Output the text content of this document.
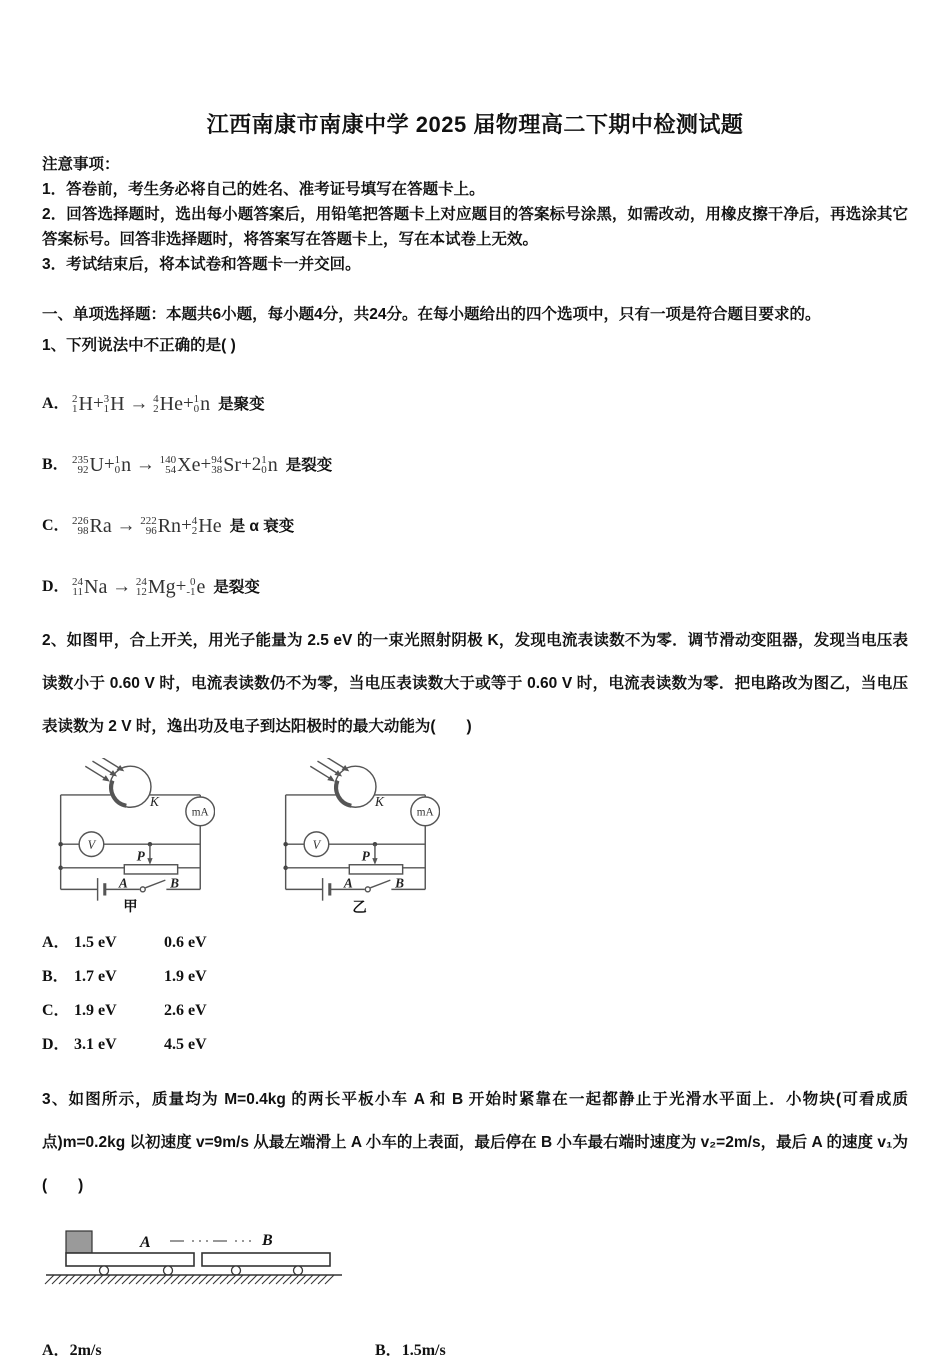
江西南康市南康中学 2025 届物理高二下期中检测试题
注意事项：
1．答卷前，考生务必将自己的姓名、准考证号填写在答题卡上。
2．回答选择题时，选出每小题答案后，用铅笔把答题卡上对应题目的答案标号涂黑，如需改动，用橡皮擦干净后，再选涂其它答案标号。回答非选择题时，将答案写在答题卡上，写在本试卷上无效。
3．考试结束后，将本试卷和答题卡一并交回。
一、单项选择题：本题共6小题，每小题4分，共24分。在每小题给出的四个选项中，只有一项是符合题目要求的。
1、下列说法中不正确的是( )
A． 2
1 H + 3
1 H → 4
2 He + 1
0 n 是聚变
B． 235
92 U + 1
0 n → 140
54 Xe + 94
38 Sr +2 1
0 n 是裂变
C． 226
98 Ra → 222
96 Rn + 4
2 He 是 α 衰变
D． 24
11 Na → 24
12 Mg + 0
-1 e 是裂变
2、如图甲，合上开关，用光子能量为 2.5 eV 的一束光照射阴极 K，发现电流表读数不为零．调节滑动变阻器，发现当电压表读数小于 0.60 V 时，电流表读数仍不为零，当电压表读数大于或等于 0.60 V 时，电流表读数为零．把电路改为图乙，当电压表读数为 2 V 时，逸出功及电子到达阳极时的最大动能为(　　)
mA
K
V
P
A	B
甲
mA
K
V
P
A	B
乙
A． 1.5 eV	0.6 eV
B． 1.7 eV	1.9 eV
C． 1.9 eV	2.6 eV
D． 3.1 eV	4.5 eV
3、如图所示，质量均为 M=0.4kg 的两长平板小车 A 和 B 开始时紧靠在一起都静止于光滑水平面上．小物块(可看成质点)m=0.2kg 以初速度 v=9m/s 从最左端滑上 A 小车的上表面，最后停在 B 小车最右端时速度为 v₂=2m/s，最后 A 的速度 v₁为(　　)
A	B
A．2m/s	B．1.5m/s
